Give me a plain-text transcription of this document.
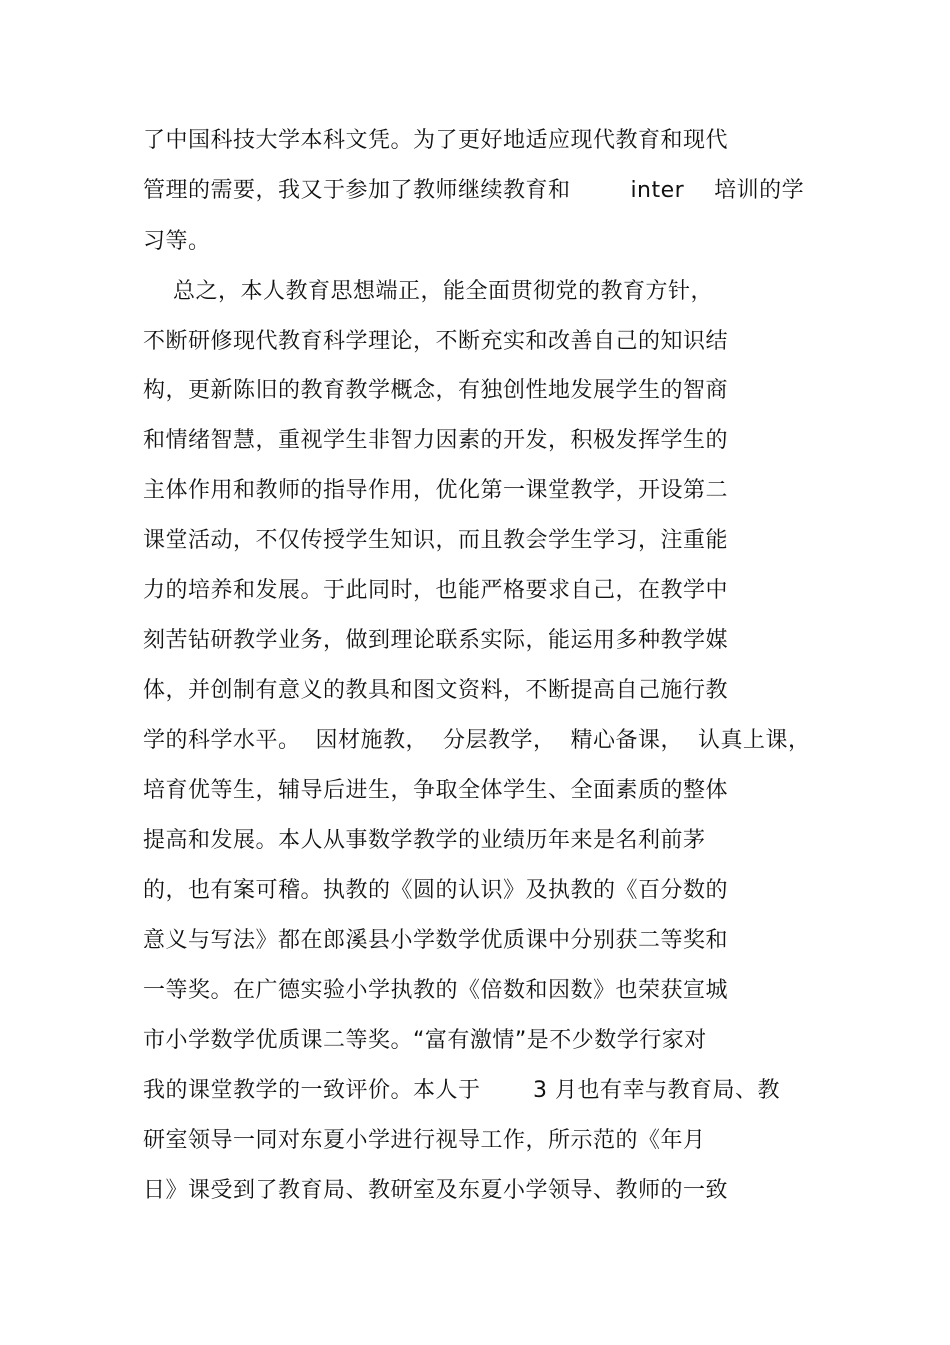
了中国科技大学本科文凭。为了更好地适应现代教育和现代

管理的需要，我又于参加了教师继续教育和        inter    培训的学

习等。

总之，本人教育思想端正，能全面贯彻党的教育方针，

不断研修现代教育科学理论，不断充实和改善自己的知识结

构，更新陈旧的教育教学概念，有独创性地发展学生的智商

和情绪智慧，重视学生非智力因素的开发，积极发挥学生的

主体作用和教师的指导作用，优化第一课堂教学，开设第二

课堂活动，不仅传授学生知识，而且教会学生学习，注重能

力的培养和发展。于此同时，也能严格要求自己，在教学中

刻苦钻研教学业务，做到理论联系实际，能运用多种教学媒

体，并创制有意义的教具和图文资料，不断提高自己施行教

学的科学水平。  因材施教，  分层教学，  精心备课，  认真上课，

培育优等生，辅导后进生，争取全体学生、全面素质的整体

提高和发展。本人从事数学教学的业绩历年来是名利前茅

的，也有案可稽。执教的《圆的认识》及执教的《百分数的

意义与写法》都在郎溪县小学数学优质课中分别获二等奖和

一等奖。在广德实验小学执教的《倍数和因数》也荣获宣城

市小学数学优质课二等奖。“富有激情”是不少数学行家对

我的课堂教学的一致评价。本人于       3 月也有幸与教育局、教

研室领导一同对东夏小学进行视导工作，所示范的《年月

日》课受到了教育局、教研室及东夏小学领导、教师的一致
